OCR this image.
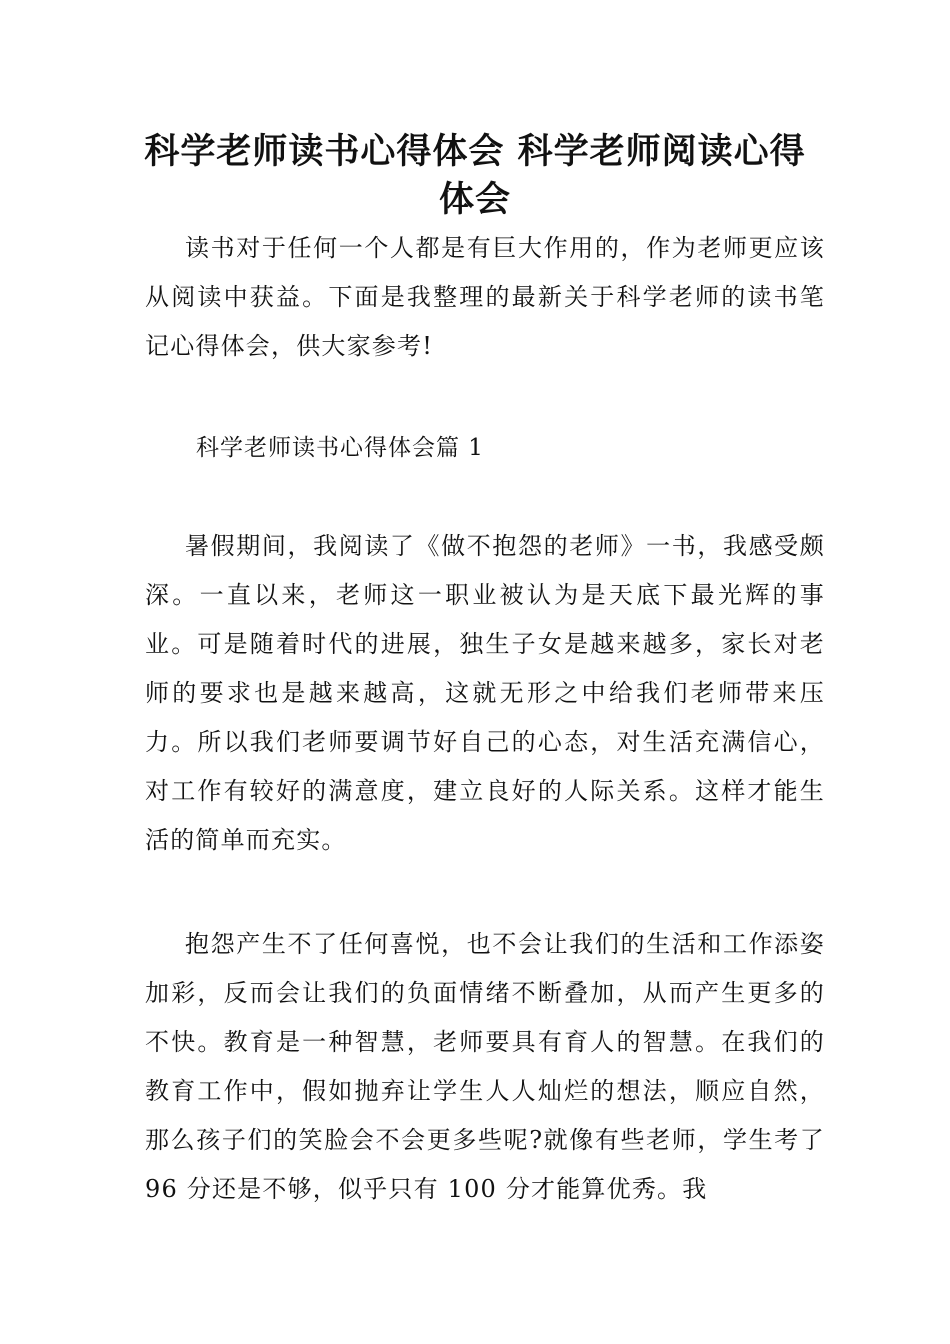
科学老师读书心得体会 科学老师阅读心得
体会

读书对于任何一个人都是有巨大作用的，作为老师更应该从阅读中获益。下面是我整理的最新关于科学老师的读书笔记心得体会，供大家参考!

科学老师读书心得体会篇 1

暑假期间，我阅读了《做不抱怨的老师》一书，我感受颇深。一直以来，老师这一职业被认为是天底下最光辉的事业。可是随着时代的进展，独生子女是越来越多，家长对老师的要求也是越来越高，这就无形之中给我们老师带来压力。所以我们老师要调节好自己的心态，对生活充满信心，对工作有较好的满意度，建立良好的人际关系。这样才能生活的简单而充实。

抱怨产生不了任何喜悦，也不会让我们的生活和工作添姿加彩，反而会让我们的负面情绪不断叠加，从而产生更多的不快。教育是一种智慧，老师要具有育人的智慧。在我们的教育工作中，假如抛弃让学生人人灿烂的想法，顺应自然，那么孩子们的笑脸会不会更多些呢?就像有些老师，学生考了 96 分还是不够，似乎只有 100 分才能算优秀。我
